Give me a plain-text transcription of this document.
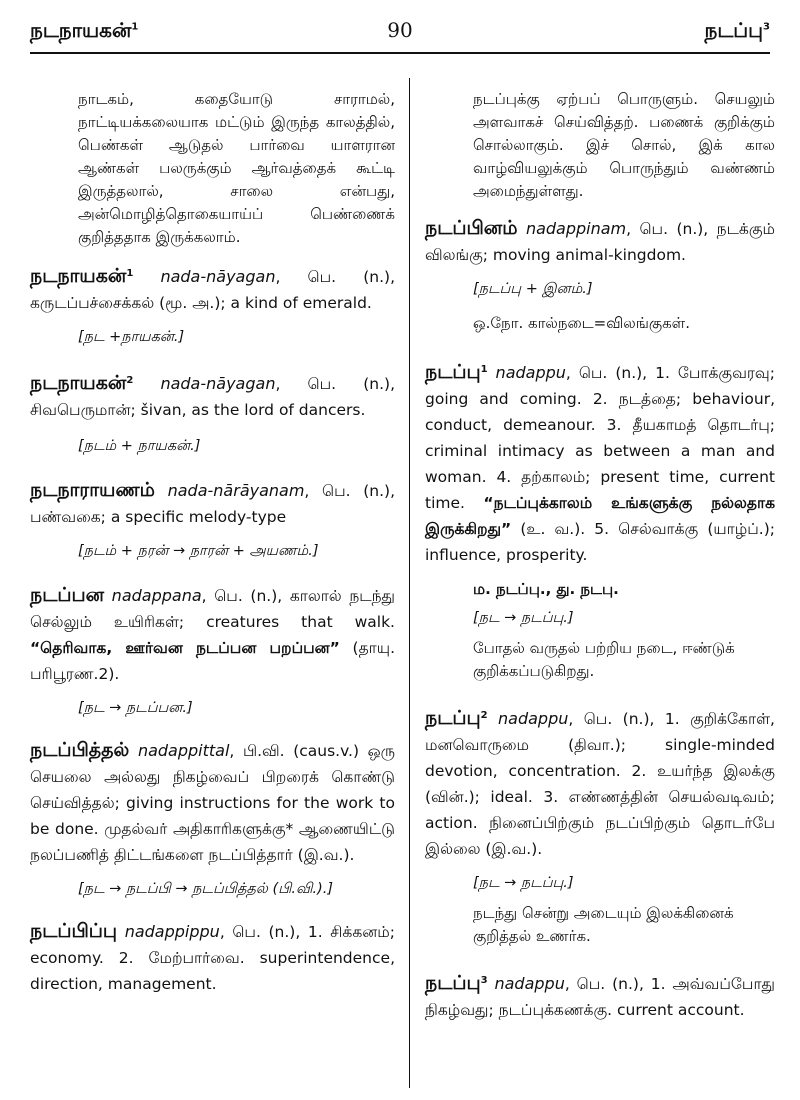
நடநாயகன்$^1$	90	நடப்பு$^3$

நாடகம், கதையோடு சாராமல், நாட்டியக்கலையாக மட்டும் இருந்த காலத்தில், பெண்கள் ஆடுதல் பார்வை யாளரான ஆண்கள் பலருக்கும் ஆர்வத்தைக் கூட்டி இருத்தலால், சாலை என்பது, அன்மொழித்தொகையாய்ப் பெண்ணைக் குறித்ததாக இருக்கலாம்.

நடநாயகன்$^1$ nada-nāyagan, பெ. (n.), கருடப்பச்சைக்கல் (மூ. அ.); a kind of emerald.

[நட +நாயகன்.]

நடநாயகன்$^2$ nada-nāyagan, பெ. (n.), சிவபெருமான்; šivan, as the lord of dancers.

[நடம் + நாயகன்.]

நடநாராயணம் nada-nārāyanam, பெ. (n.), பண்வகை; a specific melody-type

[நடம் + நரன் → நாரன் + அயணம்.]

நடப்பன nadappana, பெ. (n.), காலால் நடந்து செல்லும் உயிரிகள்; creatures that walk. “தெரிவாக, ஊர்வன நடப்பன பறப்பன” (தாயு. பரிபூரண.2).

[நட → நடப்பன.]

நடப்பித்தல் nadappittal, பி.வி. (caus.v.) ஒரு செயலை அல்லது நிகழ்வைப் பிறரைக் கொண்டு செய்வித்தல்; giving instructions for the work to be done. முதல்வர் அதிகாரிகளுக்கு* ஆணையிட்டு நலப்பணித் திட்டங்களை நடப்பித்தார் (இ.வ.).

[நட → நடப்பி → நடப்பித்தல் (பி.வி.).]

நடப்பிப்பு nadappippu, பெ. (n.), 1. சிக்கனம்; economy. 2. மேற்பார்வை. superintendence, direction, management.

நடப்புக்கு ஏற்பப் பொருளும். செயலும் அளவாகச் செய்வித்தற். பணைக் குறிக்கும் சொல்லாகும். இச் சொல், இக் கால வாழ்வியலுக்கும் பொருந்தும் வண்ணம் அமைந்துள்ளது.

நடப்பினம் nadappinam, பெ. (n.), நடக்கும் விலங்கு; moving animal-kingdom.

[நடப்பு + இனம்.]

ஒ.நோ. கால்நடை=விலங்குகள்.

நடப்பு$^1$ nadappu, பெ. (n.), 1. போக்குவரவு; going and coming. 2. நடத்தை; behaviour, conduct, demeanour. 3. தீயகாமத் தொடர்பு; criminal intimacy as between a man and woman. 4. தற்காலம்; present time, current time. “நடப்புக்காலம் உங்களுக்கு நல்லதாக இருக்கிறது” (உ. வ.). 5. செல்வாக்கு (யாழ்ப்.); influence, prosperity.

ம. நடப்பு., து. நடபு.

[நட → நடப்பு.]

போதல் வருதல் பற்றிய நடை, ஈண்டுக் குறிக்கப்படுகிறது.

நடப்பு$^2$ nadappu, பெ. (n.), 1. குறிக்கோள், மனவொருமை (திவா.); single-minded devotion, concentration. 2. உயர்ந்த இலக்கு (வின்.); ideal. 3. எண்ணத்தின் செயல்வடிவம்; action. நினைப்பிற்கும் நடப்பிற்கும் தொடர்பே இல்லை (இ.வ.).

[நட → நடப்பு.]

நடந்து சென்று அடையும் இலக்கினைக் குறித்தல் உணர்க.

நடப்பு$^3$ nadappu, பெ. (n.), 1. அவ்வப்போது நிகழ்வது; நடப்புக்கணக்கு. current account.
